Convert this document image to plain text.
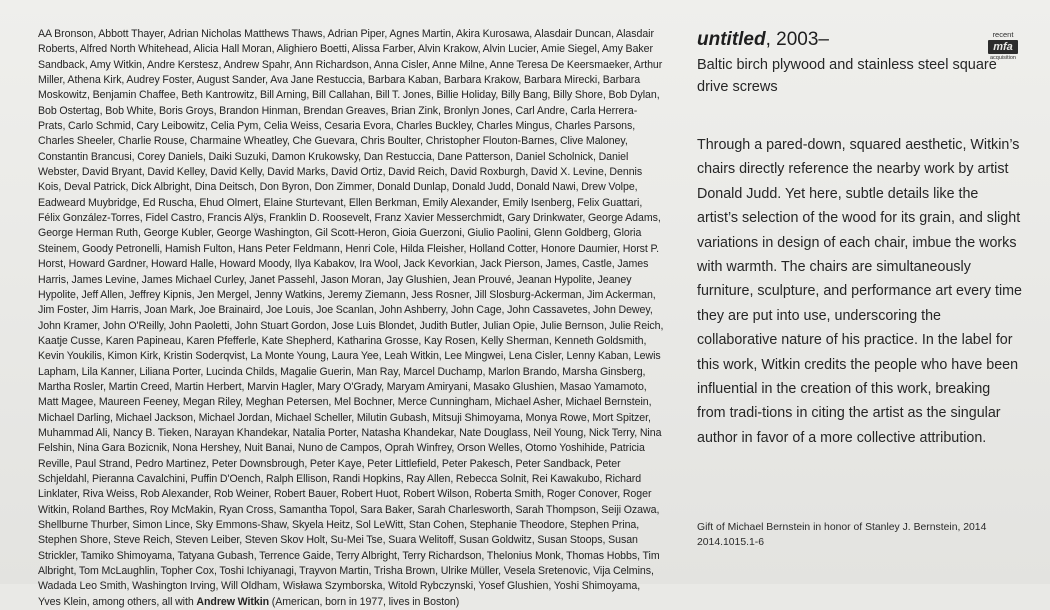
AA Bronson, Abbott Thayer, Adrian Nicholas Matthews Thaws, Adrian Piper, Agnes Martin, Akira Kurosawa, Alasdair Duncan, Alasdair Roberts, Alfred North Whitehead, Alicia Hall Moran, Alighiero Boetti, Alissa Farber, Alvin Krakow, Alvin Lucier, Amie Siegel, Amy Baker Sandback, Amy Witkin, Andre Kerstesz, Andrew Spahr, Ann Richardson, Anna Cisler, Anne Milne, Anne Teresa De Keersmaeker, Arthur Miller, Athena Kirk, Audrey Foster, August Sander, Ava Jane Restuccia, Barbara Kaban, Barbara Krakow, Barbara Mirecki, Barbara Moskowitz, Benjamin Chaffee, Beth Kantrowitz, Bill Arning, Bill Callahan, Bill T. Jones, Billie Holiday, Billy Bang, Billy Shore, Bob Dylan, Bob Ostertag, Bob White, Boris Groys, Brandon Hinman, Brendan Greaves, Brian Zink, Bronlyn Jones, Carl Andre, Carla Herrera-Prats, Carlo Schmid, Cary Leibowitz, Celia Pym, Celia Weiss, Cesaria Evora, Charles Buckley, Charles Mingus, Charles Parsons, Charles Sheeler, Charlie Rouse, Charmaine Wheatley, Che Guevara, Chris Boulter, Christopher Flouton-Barnes, Clive Maloney, Constantin Brancusi, Corey Daniels, Daiki Suzuki, Damon Krukowsky, Dan Restuccia, Dane Patterson, Daniel Scholnick, Daniel Webster, David Bryant, David Kelley, David Kelly, David Marks, David Ortiz, David Reich, David Roxburgh, David X. Levine, Dennis Kois, Deval Patrick, Dick Albright, Dina Deitsch, Don Byron, Don Zimmer, Donald Dunlap, Donald Judd, Donald Nawi, Drew Volpe, Eadweard Muybridge, Ed Ruscha, Ehud Olmert, Elaine Sturtevant, Ellen Berkman, Emily Alexander, Emily Isenberg, Felix Guattari, Félix González-Torres, Fidel Castro, Francis Alÿs, Franklin D. Roosevelt, Franz Xavier Messerchmidt, Gary Drinkwater, George Adams, George Herman Ruth, George Kubler, George Washington, Gil Scott-Heron, Gioia Guerzoni, Giulio Paolini, Glenn Goldberg, Gloria Steinem, Goody Petronelli, Hamish Fulton, Hans Peter Feldmann, Henri Cole, Hilda Fleisher, Holland Cotter, Honore Daumier, Horst P. Horst, Howard Gardner, Howard Halle, Howard Moody, Ilya Kabakov, Ira Wool, Jack Kevorkian, Jack Pierson, James, Castle, James Harris, James Levine, James Michael Curley, Janet Passehl, Jason Moran, Jay Glushien, Jean Prouvé, Jeanan Hypolite, Jeaney Hypolite, Jeff Allen, Jeffrey Kipnis, Jen Mergel, Jenny Watkins, Jeremy Ziemann, Jess Rosner, Jill Slosburg-Ackerman, Jim Ackerman, Jim Foster, Jim Harris, Joan Mark, Joe Brainaird, Joe Louis, Joe Scanlan, John Ashberry, John Cage, John Cassavetes, John Dewey, John Kramer, John O'Reilly, John Paoletti, John Stuart Gordon, Jose Luis Blondet, Judith Butler, Julian Opie, Julie Bernson, Julie Reich, Kaatje Cusse, Karen Papineau, Karen Pfefferle, Kate Shepherd, Katharina Grosse, Kay Rosen, Kelly Sherman, Kenneth Goldsmith, Kevin Youkilis, Kimon Kirk, Kristin Soderqvist, La Monte Young, Laura Yee, Leah Witkin, Lee Mingwei, Lena Cisler, Lenny Kaban, Lewis Lapham, Lila Kanner, Liliana Porter, Lucinda Childs, Magalie Guerin, Man Ray, Marcel Duchamp, Marlon Brando, Marsha Ginsberg, Martha Rosler, Martin Creed, Martin Herbert, Marvin Hagler, Mary O'Grady, Maryam Amiryani, Masako Glushien, Masao Yamamoto, Matt Magee, Maureen Feeney, Megan Riley, Meghan Petersen, Mel Bochner, Merce Cunningham, Michael Asher, Michael Bernstein, Michael Darling, Michael Jackson, Michael Jordan, Michael Scheller, Milutin Gubash, Mitsuji Shimoyama, Monya Rowe, Mort Spitzer, Muhammad Ali, Nancy B. Tieken, Narayan Khandekar, Natalia Porter, Natasha Khandekar, Nate Douglass, Neil Young, Nick Terry, Nina Felshin, Nina Gara Bozicnik, Nona Hershey, Nuit Banai, Nuno de Campos, Oprah Winfrey, Orson Welles, Otomo Yoshihide, Patricia Reville, Paul Strand, Pedro Martinez, Peter Downsbrough, Peter Kaye, Peter Littlefield, Peter Pakesch, Peter Sandback, Peter Schjeldahl, Pieranna Cavalchini, Puffin D'Oench, Ralph Ellison, Randi Hopkins, Ray Allen, Rebecca Solnit, Rei Kawakubo, Richard Linklater, Riva Weiss, Rob Alexander, Rob Weiner, Robert Bauer, Robert Huot, Robert Wilson, Roberta Smith, Roger Conover, Roger Witkin, Roland Barthes, Roy McMakin, Ryan Cross, Samantha Topol, Sara Baker, Sarah Charlesworth, Sarah Thompson, Seiji Ozawa, Shellburne Thurber, Simon Lince, Sky Emmons-Shaw, Skyela Heitz, Sol LeWitt, Stan Cohen, Stephanie Theodore, Stephen Prina, Stephen Shore, Steve Reich, Steven Leiber, Steven Skov Holt, Su-Mei Tse, Suara Welitoff, Susan Goldwitz, Susan Stoops, Susan Strickler, Tamiko Shimoyama, Tatyana Gubash, Terrence Gaide, Terry Albright, Terry Richardson, Thelonius Monk, Thomas Hobbs, Tim Albright, Tom McLaughlin, Topher Cox, Toshi Ichiyanagi, Trayvon Martin, Trisha Brown, Ulrike Müller, Vesela Sretenovic, Vija Celmins, Wadada Leo Smith, Washington Irving, Will Oldham, Wisława Szymborska, Witold Rybczynski, Yosef Glushien, Yoshi Shimoyama, Yves Klein, among others, all with Andrew Witkin (American, born in 1977, lives in Boston)
untitled, 2003–
Baltic birch plywood and stainless steel square drive screws
recent
mfa
acquisition
Through a pared-down, squared aesthetic, Witkin’s chairs directly reference the nearby work by artist Donald Judd. Yet here, subtle details like the artist’s selection of the wood for its grain, and slight variations in design of each chair, imbue the works with warmth. The chairs are simultaneously furniture, sculpture, and performance art every time they are put into use, underscoring the collaborative nature of his practice. In the label for this work, Witkin credits the people who have been influential in the creation of this work, breaking from tradi-tions in citing the artist as the singular author in favor of a more collective attribution.
Gift of Michael Bernstein in honor of Stanley J. Bernstein, 2014
2014.1015.1-6
